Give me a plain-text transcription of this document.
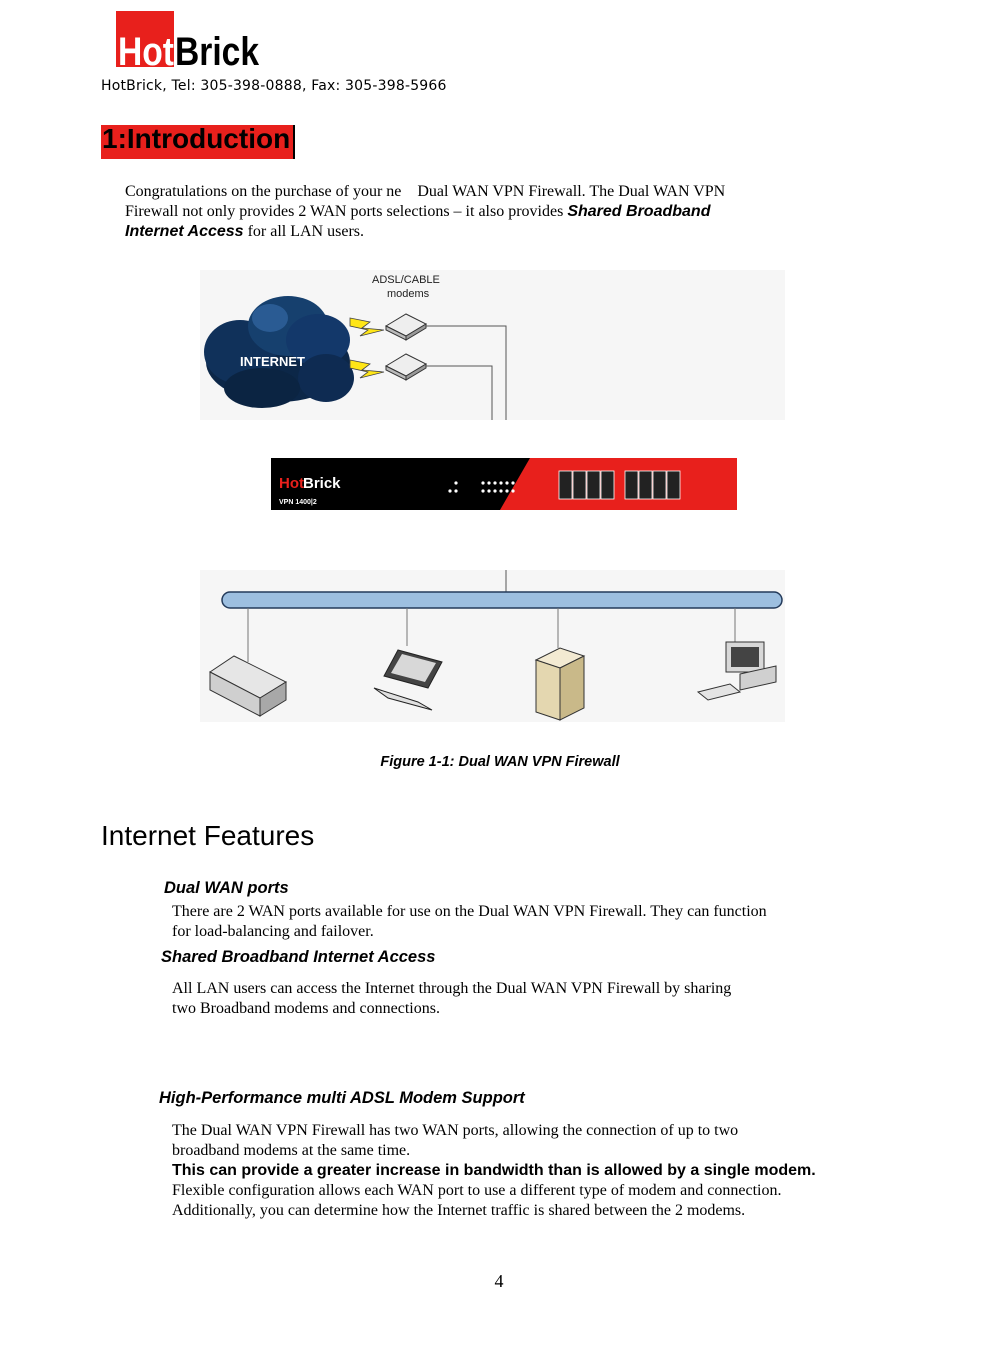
Hot Brick
HotBrick, Tel: 305-398-0888, Fax: 305-398-5966
1:Introduction
Congratulations on the purchase of your ne    Dual WAN VPN Firewall. The Dual WAN VPN
Firewall not only provides 2 WAN ports selections – it also provides Shared Broadband
Internet Access for all LAN users.
INTERNET
ADSL/CABLE
modems
Hot Brick
VPN 1400|2
Figure 1-1: Dual WAN VPN Firewall
Internet Features
Dual WAN ports
There are 2 WAN ports available for use on the Dual WAN VPN Firewall. They can function
for load-balancing and failover.
Shared Broadband Internet Access
All LAN users can access the Internet through the Dual WAN VPN Firewall by sharing
two Broadband modems and connections.
High-Performance multi ADSL Modem Support
The Dual WAN VPN Firewall has two WAN ports, allowing the connection of up to two
broadband modems at the same time.
This can provide a greater increase in bandwidth than is allowed by a single modem.
Flexible configuration allows each WAN port to use a different type of modem and connection.
Additionally, you can determine how the Internet traffic is shared between the 2 modems.
4
